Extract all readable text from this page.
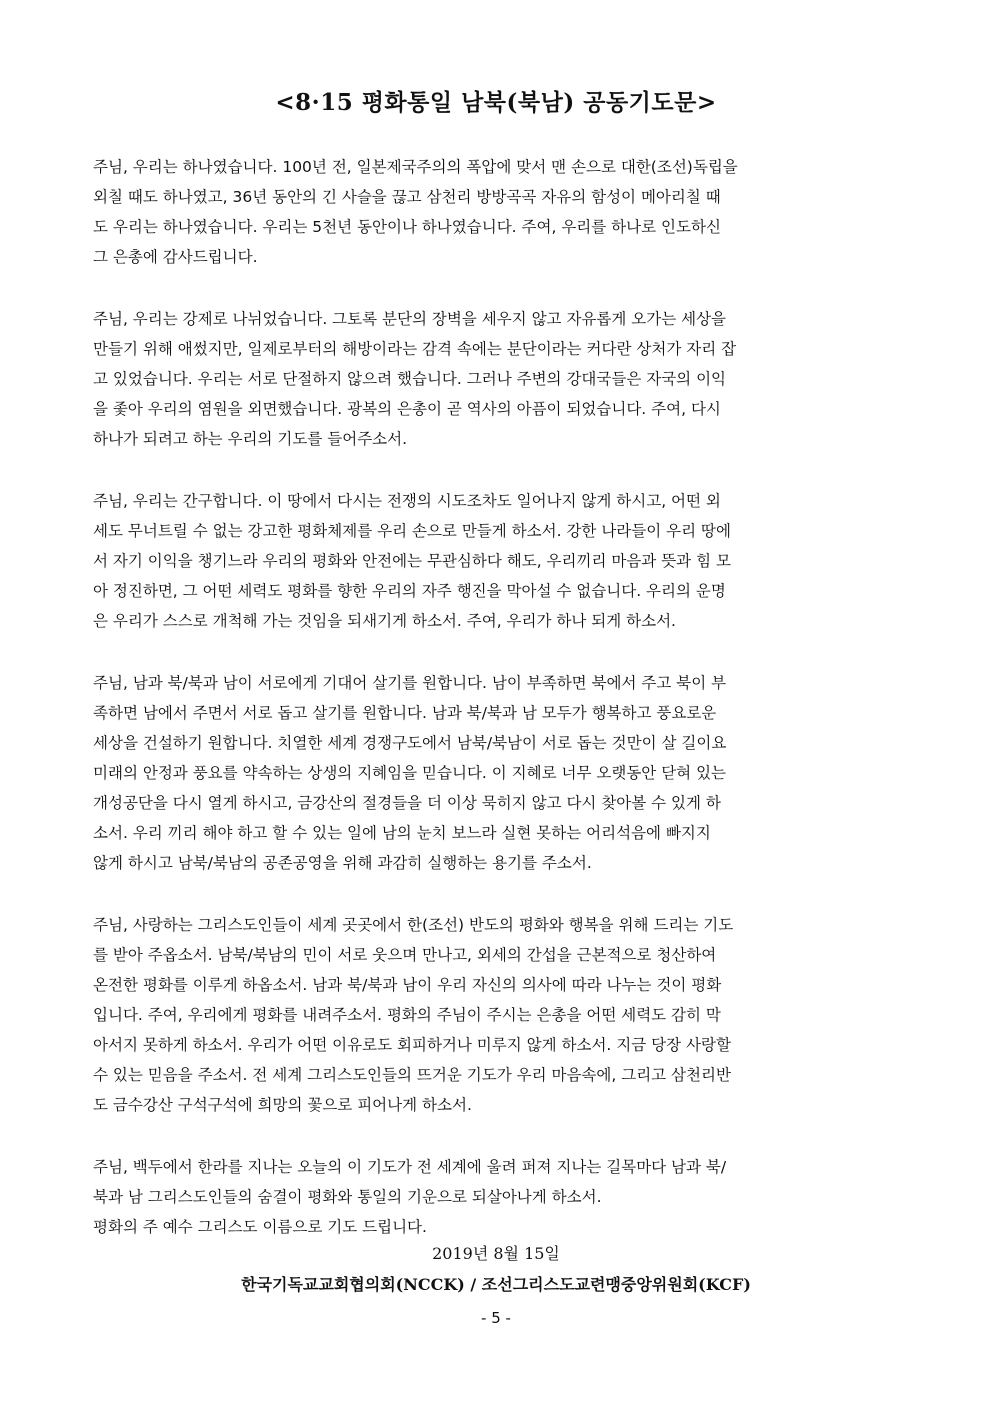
<8·15 평화통일 남북(북남) 공동기도문>

주님, 우리는 하나였습니다. 100년 전, 일본제국주의의 폭압에 맞서 맨 손으로 대한(조선)독립을
외칠 때도 하나였고, 36년 동안의 긴 사슬을 끊고 삼천리 방방곡곡 자유의 함성이 메아리칠 때
도 우리는 하나였습니다. 우리는 5천년 동안이나 하나였습니다. 주여, 우리를 하나로 인도하신
그 은총에 감사드립니다.

주님, 우리는 강제로 나뉘었습니다. 그토록 분단의 장벽을 세우지 않고 자유롭게 오가는 세상을
만들기 위해 애썼지만, 일제로부터의 해방이라는 감격 속에는 분단이라는 커다란 상처가 자리 잡
고 있었습니다. 우리는 서로 단절하지 않으려 했습니다. 그러나 주변의 강대국들은 자국의 이익
을 좇아 우리의 염원을 외면했습니다. 광복의 은총이 곧 역사의 아픔이 되었습니다. 주여, 다시
하나가 되려고 하는 우리의 기도를 들어주소서.

주님, 우리는 간구합니다. 이 땅에서 다시는 전쟁의 시도조차도 일어나지 않게 하시고, 어떤 외
세도 무너트릴 수 없는 강고한 평화체제를 우리 손으로 만들게 하소서. 강한 나라들이 우리 땅에
서 자기 이익을 챙기느라 우리의 평화와 안전에는 무관심하다 해도, 우리끼리 마음과 뜻과 힘 모
아 정진하면, 그 어떤 세력도 평화를 향한 우리의 자주 행진을 막아설 수 없습니다. 우리의 운명
은 우리가 스스로 개척해 가는 것임을 되새기게 하소서. 주여, 우리가 하나 되게 하소서.

주님, 남과 북/북과 남이 서로에게 기대어 살기를 원합니다. 남이 부족하면 북에서 주고 북이 부
족하면 남에서 주면서 서로 돕고 살기를 원합니다. 남과 북/북과 남 모두가 행복하고 풍요로운
세상을 건설하기 원합니다. 치열한 세계 경쟁구도에서 남북/북남이 서로 돕는 것만이 살 길이요
미래의 안정과 풍요를 약속하는 상생의 지혜임을 믿습니다. 이 지혜로 너무 오랫동안 닫혀 있는
개성공단을 다시 열게 하시고, 금강산의 절경들을 더 이상 묵히지 않고 다시 찾아볼 수 있게 하
소서. 우리 끼리 해야 하고 할 수 있는 일에 남의 눈치 보느라 실현 못하는 어리석음에 빠지지
않게 하시고 남북/북남의 공존공영을 위해 과감히 실행하는 용기를 주소서.

주님, 사랑하는 그리스도인들이 세계 곳곳에서 한(조선) 반도의 평화와 행복을 위해 드리는 기도
를 받아 주옵소서. 남북/북남의 민이 서로 웃으며 만나고, 외세의 간섭을 근본적으로 청산하여
온전한 평화를 이루게 하옵소서. 남과 북/북과 남이 우리 자신의 의사에 따라 나누는 것이 평화
입니다. 주여, 우리에게 평화를 내려주소서. 평화의 주님이 주시는 은총을 어떤 세력도 감히 막
아서지 못하게 하소서. 우리가 어떤 이유로도 회피하거나 미루지 않게 하소서. 지금 당장 사랑할
수 있는 믿음을 주소서. 전 세계 그리스도인들의 뜨거운 기도가 우리 마음속에, 그리고 삼천리반
도 금수강산 구석구석에 희망의 꽃으로 피어나게 하소서.

주님, 백두에서 한라를 지나는 오늘의 이 기도가 전 세계에 울려 퍼져 지나는 길목마다 남과 북/
북과 남 그리스도인들의 숨결이 평화와 통일의 기운으로 되살아나게 하소서.
평화의 주 예수 그리스도 이름으로 기도 드립니다.

2019년 8월 15일
한국기독교교회협의회(NCCK) / 조선그리스도교련맹중앙위원회(KCF)
- 5 -
